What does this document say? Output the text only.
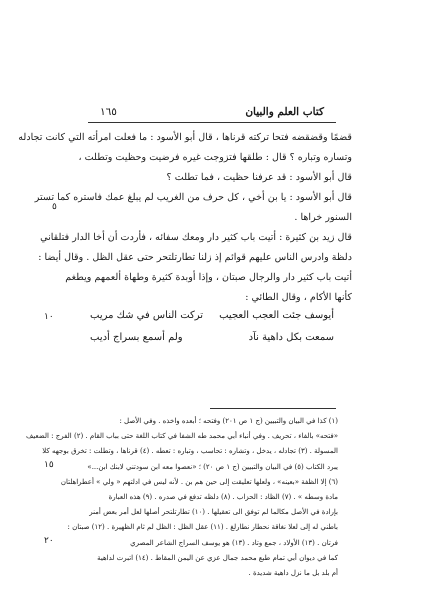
كتاب العلم والبيان
١٦٥
قضمًا وقضقضه فتحا تركته قرناها ، قال أبو الأسود : ما فعلت امرأته التي كانت تجادله
وتساره وتباره ؟ قال : طلقها فتزوجت غيره فرضيت وحظيت وتطلت ،
قال أبو الأسود : قد عرفنا حظيت ، فما تطلت ؟
قال أبو الأسود : يا بن أخي ، كل حرف من الغريب لم يبلغ عمك فاستره كما تستر
السنور خراها .
قال زيد بن كثيرة : أتيت باب كثير دار ومعك سفائه ، فأردت أن أخا الدار فتلقاني
دلظة وادرس الناس عليهم قوائم إذ زلنا تطارتلتحر حتى عقل الظل . وقال أيضا :
أتيت باب كثير دار والرجال صبتان ، وإذا أوبدة كثيرة وطهاة ألعمهم ويطغم
كأنها الأكام ، وقال الطائي :
أيوسف جئت العجب العجيب
تركت الناس في شك مريب
سمعت بكل داهية نآد
ولم أسمع بسراج أديب
(١) كذا في البيان والتبيين (ج ١ ص ٢٠١) وفتحه ؛ أبعده واخذه . وفي الأصل :
«فتحه» بالفاء ، تحريف . وفي أنباء أبي محمد طه الشفا في كتاب اللغة حتى بباب القام . (٢) الفرج : الضعيف
المسولة . (٣) تجادله ، يدخل ، وتشاره : تحاسب ، وتباره : تعطه . (٤) قرناها ، وتطلت : تخرق بوجهه كلا
يبرد الكتاب (٥) في البيان والتبيين (ج ١ ص ٢٠) ؛ «نعصوا معه ابن سودتني لابنك ابن...»
(٦) إلا الظفة «بعينه» ، ولعلها تعليقت إلى حين هم بن . لأنه ليس في ادلتهم « ولي » أعطراهلتان
مادة وسطه » . (٧) الظاد : الحزاب . (٨) دلظه تدفع في صدره . (٩) هذه العبارة
بإرادة في الأصل مكالما لم توفق الى تعقيلها . (١٠) تطارتلتحر أصلها لعل أمر بعض أمنر
باطني له إلى لعلا نغاقة نحطار نطارلغ . (١١) عقل الظل : الظل لم ثام الظهيرة . (١٢) صبتان :
فرتان . (١٣) الأولاد ، جمع وتاد . (١٣) هو يوسف السراج الشاعر المصري
كما في ديوان أبي تمام طبع محمد جمال عزي عن اليمن المقاط . (١٤) اتبرت لداهية
أم بلد بل ما نزل داهية شديدة .
٥
١٠
١٥
٢٠
